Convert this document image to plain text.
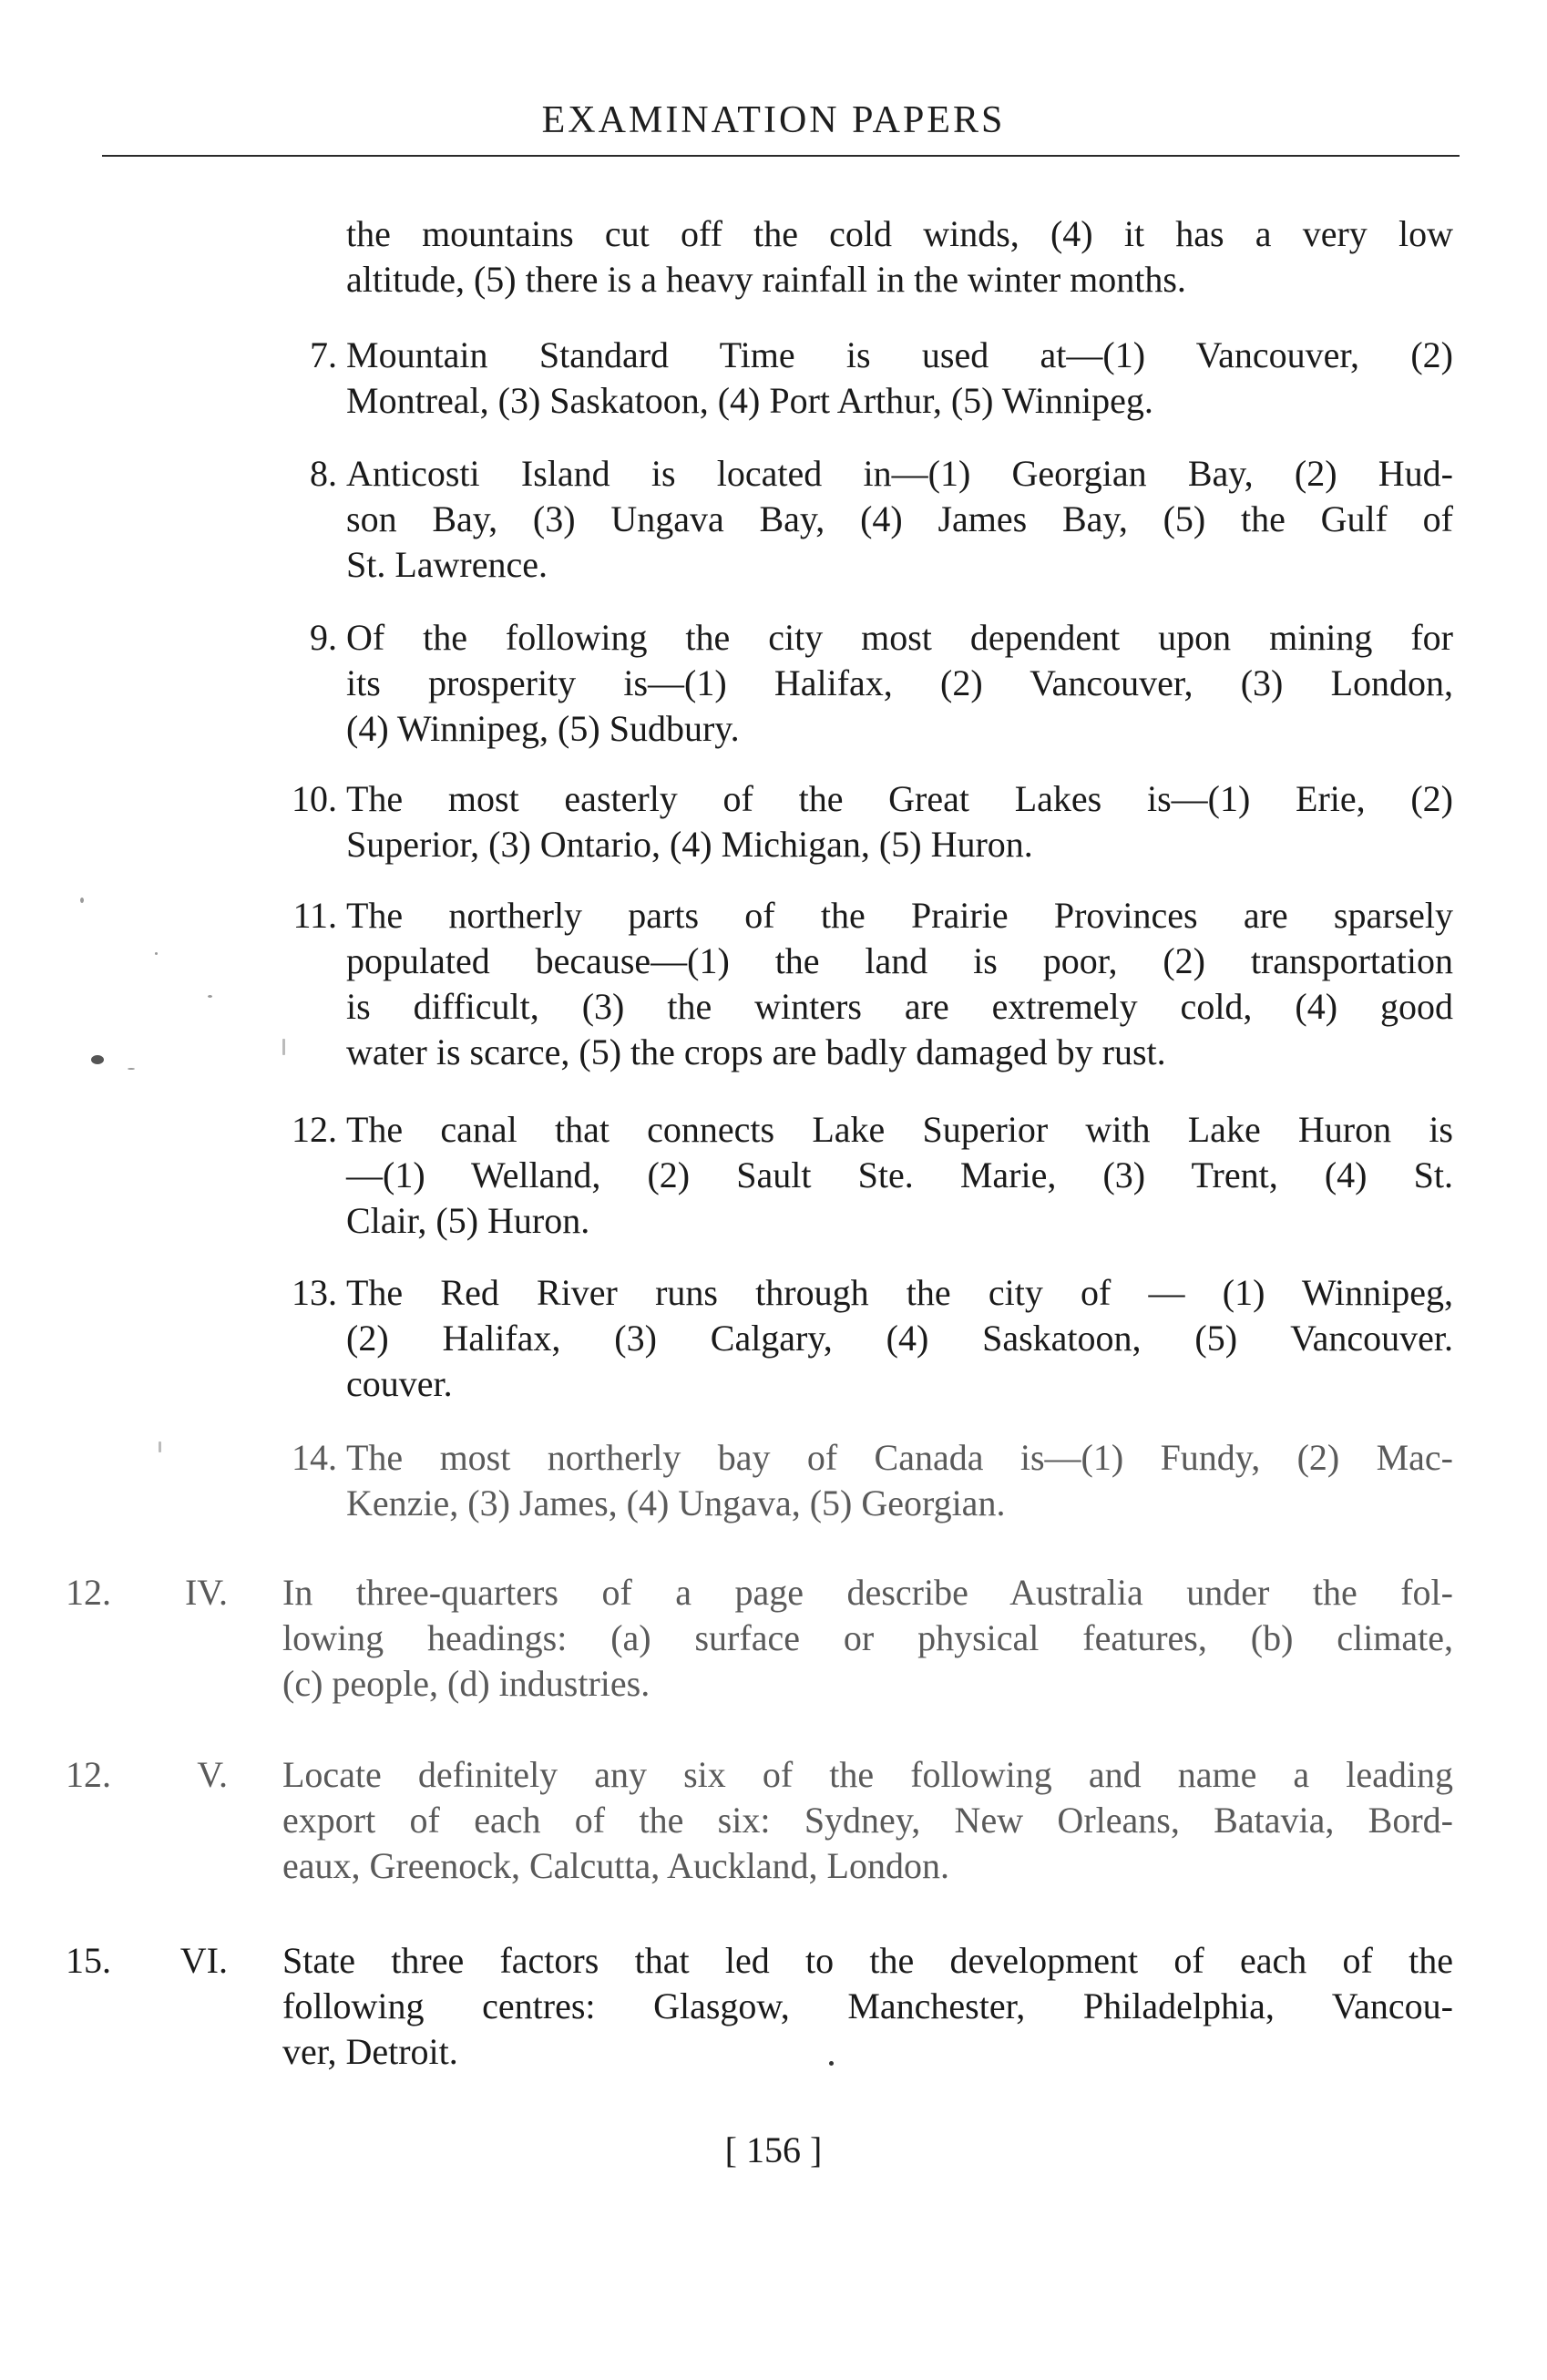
EXAMINATION PAPERS
the mountains cut off the cold winds, (4) it has a very low
altitude, (5) there is a heavy rainfall in the winter months.
7. Mountain Standard Time is used at—(1) Vancouver, (2)
Montreal, (3) Saskatoon, (4) Port Arthur, (5) Winnipeg.
8. Anticosti Island is located in—(1) Georgian Bay, (2) Hud-
son Bay, (3) Ungava Bay, (4) James Bay, (5) the Gulf of
St. Lawrence.
9. Of the following the city most dependent upon mining for
its prosperity is—(1) Halifax, (2) Vancouver, (3) London,
(4) Winnipeg, (5) Sudbury.
10. The most easterly of the Great Lakes is—(1) Erie, (2)
Superior, (3) Ontario, (4) Michigan, (5) Huron.
11. The northerly parts of the Prairie Provinces are sparsely
populated because—(1) the land is poor, (2) transportation
is difficult, (3) the winters are extremely cold, (4) good
water is scarce, (5) the crops are badly damaged by rust.
12. The canal that connects Lake Superior with Lake Huron is
—(1) Welland, (2) Sault Ste. Marie, (3) Trent, (4) St.
Clair, (5) Huron.
13. The Red River runs through the city of — (1) Winnipeg,
(2) Halifax, (3) Calgary, (4) Saskatoon, (5) Vancouver.
couver.
14. The most northerly bay of Canada is—(1) Fundy, (2) Mac-
Kenzie, (3) James, (4) Ungava, (5) Georgian.
12.	IV. In three-quarters of a page describe Australia under the fol-
lowing headings: (a) surface or physical features, (b) climate,
(c) people, (d) industries.
12.	V. Locate definitely any six of the following and name a leading
export of each of the six: Sydney, New Orleans, Batavia, Bord-
eaux, Greenock, Calcutta, Auckland, London.
15.	VI. State three factors that led to the development of each of the
following centres: Glasgow, Manchester, Philadelphia, Vancou-
ver, Detroit.
[ 156 ]
